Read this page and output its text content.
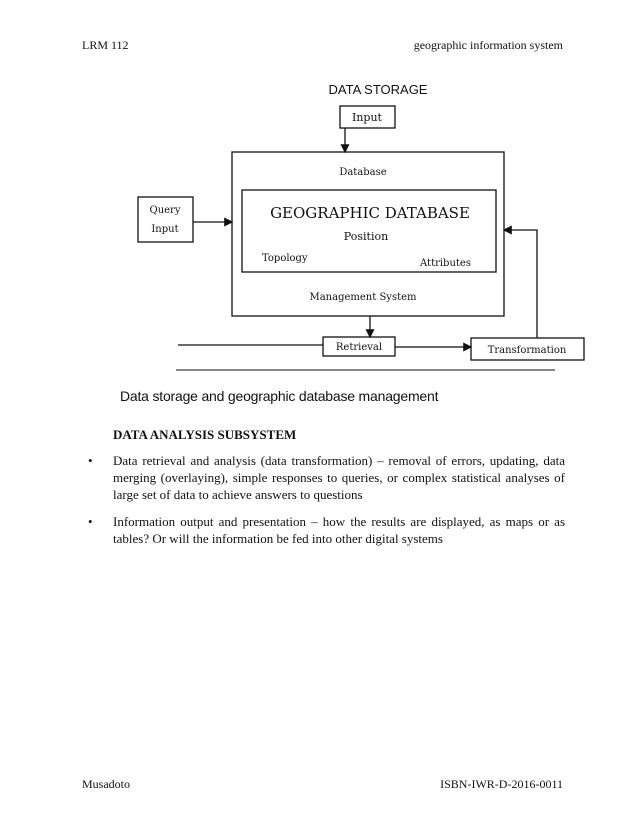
LRM 112	geographic information system
DATA STORAGE
Input
Database
Query
Input
GEOGRAPHIC DATABASE
Position
Topology	Attributes
Management System
Retrieval	Transformation
Data storage and geographic database management
DATA ANALYSIS SUBSYSTEM
•	Data retrieval and analysis (data transformation) – removal of errors, updating, data merging (overlaying), simple responses to queries, or complex statistical analyses of large set of data to achieve answers to questions
•	Information output and presentation – how the results are displayed, as maps or as tables? Or will the information be fed into other digital systems
Musadoto	ISBN-IWR-D-2016-0011
